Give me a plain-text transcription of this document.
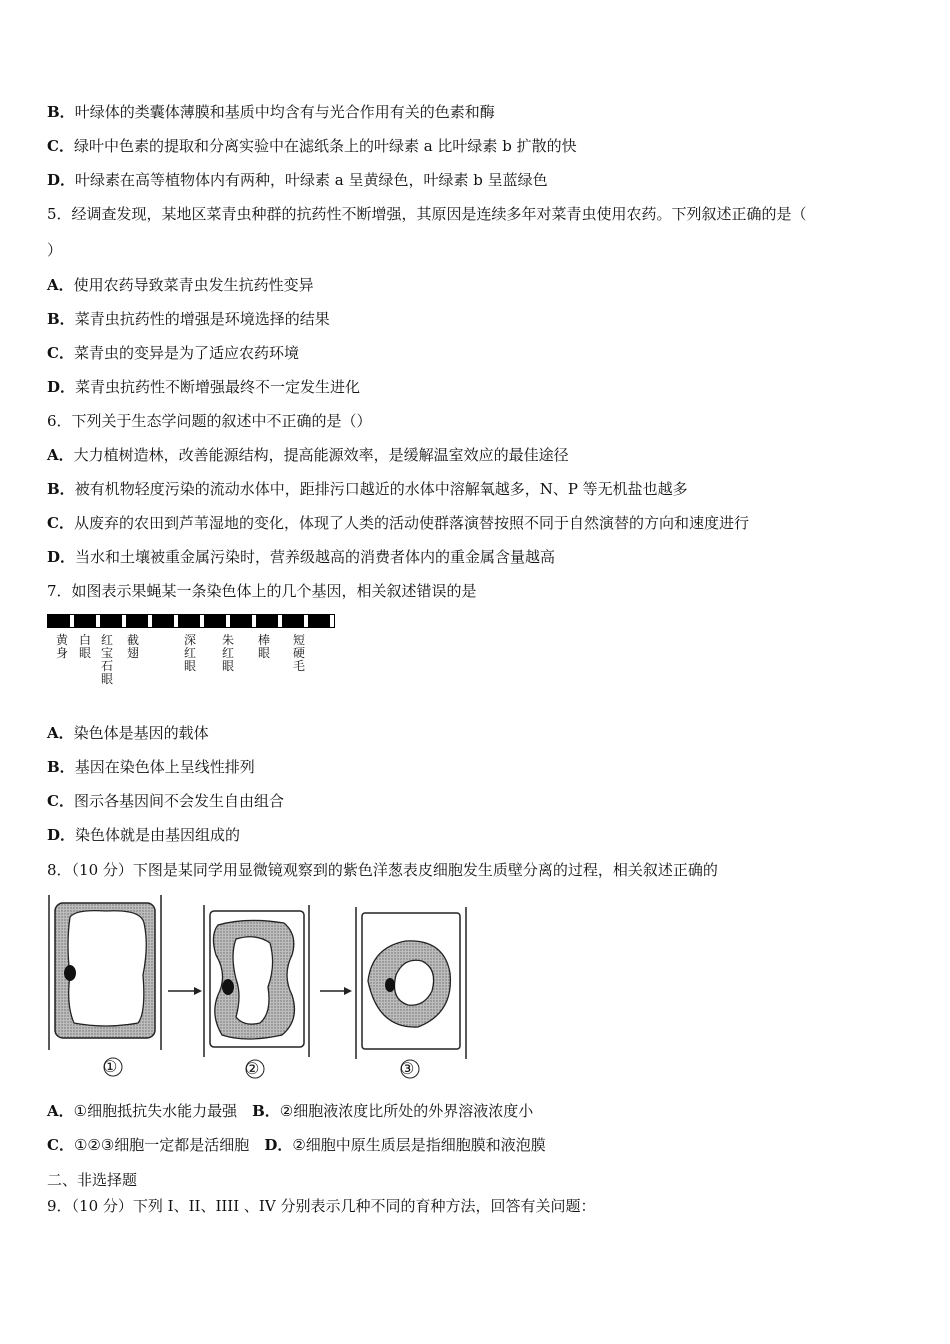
B．叶绿体的类囊体薄膜和基质中均含有与光合作用有关的色素和酶
C．绿叶中色素的提取和分离实验中在滤纸条上的叶绿素 a 比叶绿素 b 扩散的快
D．叶绿素在高等植物体内有两种，叶绿素 a 呈黄绿色，叶绿素 b 呈蓝绿色
5．经调查发现，某地区菜青虫种群的抗药性不断增强，其原因是连续多年对菜青虫使用农药。下列叙述正确的是（
）
A．使用农药导致菜青虫发生抗药性变异
B．菜青虫抗药性的增强是环境选择的结果
C．菜青虫的变异是为了适应农药环境
D．菜青虫抗药性不断增强最终不一定发生进化
6．下列关于生态学问题的叙述中不正确的是（）
A．大力植树造林，改善能源结构，提高能源效率，是缓解温室效应的最佳途径
B．被有机物轻度污染的流动水体中，距排污口越近的水体中溶解氧越多，N、P 等无机盐也越多
C．从废弃的农田到芦苇湿地的变化，体现了人类的活动使群落演替按照不同于自然演替的方向和速度进行
D．当水和土壤被重金属污染时，营养级越高的消费者体内的重金属含量越高
7．如图表示果蝇某一条染色体上的几个基因，相关叙述错误的是
黄身
白眼
红宝石眼
截翅
深红眼
朱红眼
棒眼
短硬毛
A．染色体是基因的载体
B．基因在染色体上呈线性排列
C．图示各基因间不会发生自由组合
D．染色体就是由基因组成的
8．（10 分）下图是某同学用显微镜观察到的紫色洋葱表皮细胞发生质壁分离的过程，相关叙述正确的
①	②	③
A．①细胞抵抗失水能力最强　 B．②细胞液浓度比所处的外界溶液浓度小
C．①②③细胞一定都是活细胞　 D．②细胞中原生质层是指细胞膜和液泡膜
二、非选择题
9．（10 分）下列 I、II、IIII 、IV 分别表示几种不同的育种方法，回答有关问题：
